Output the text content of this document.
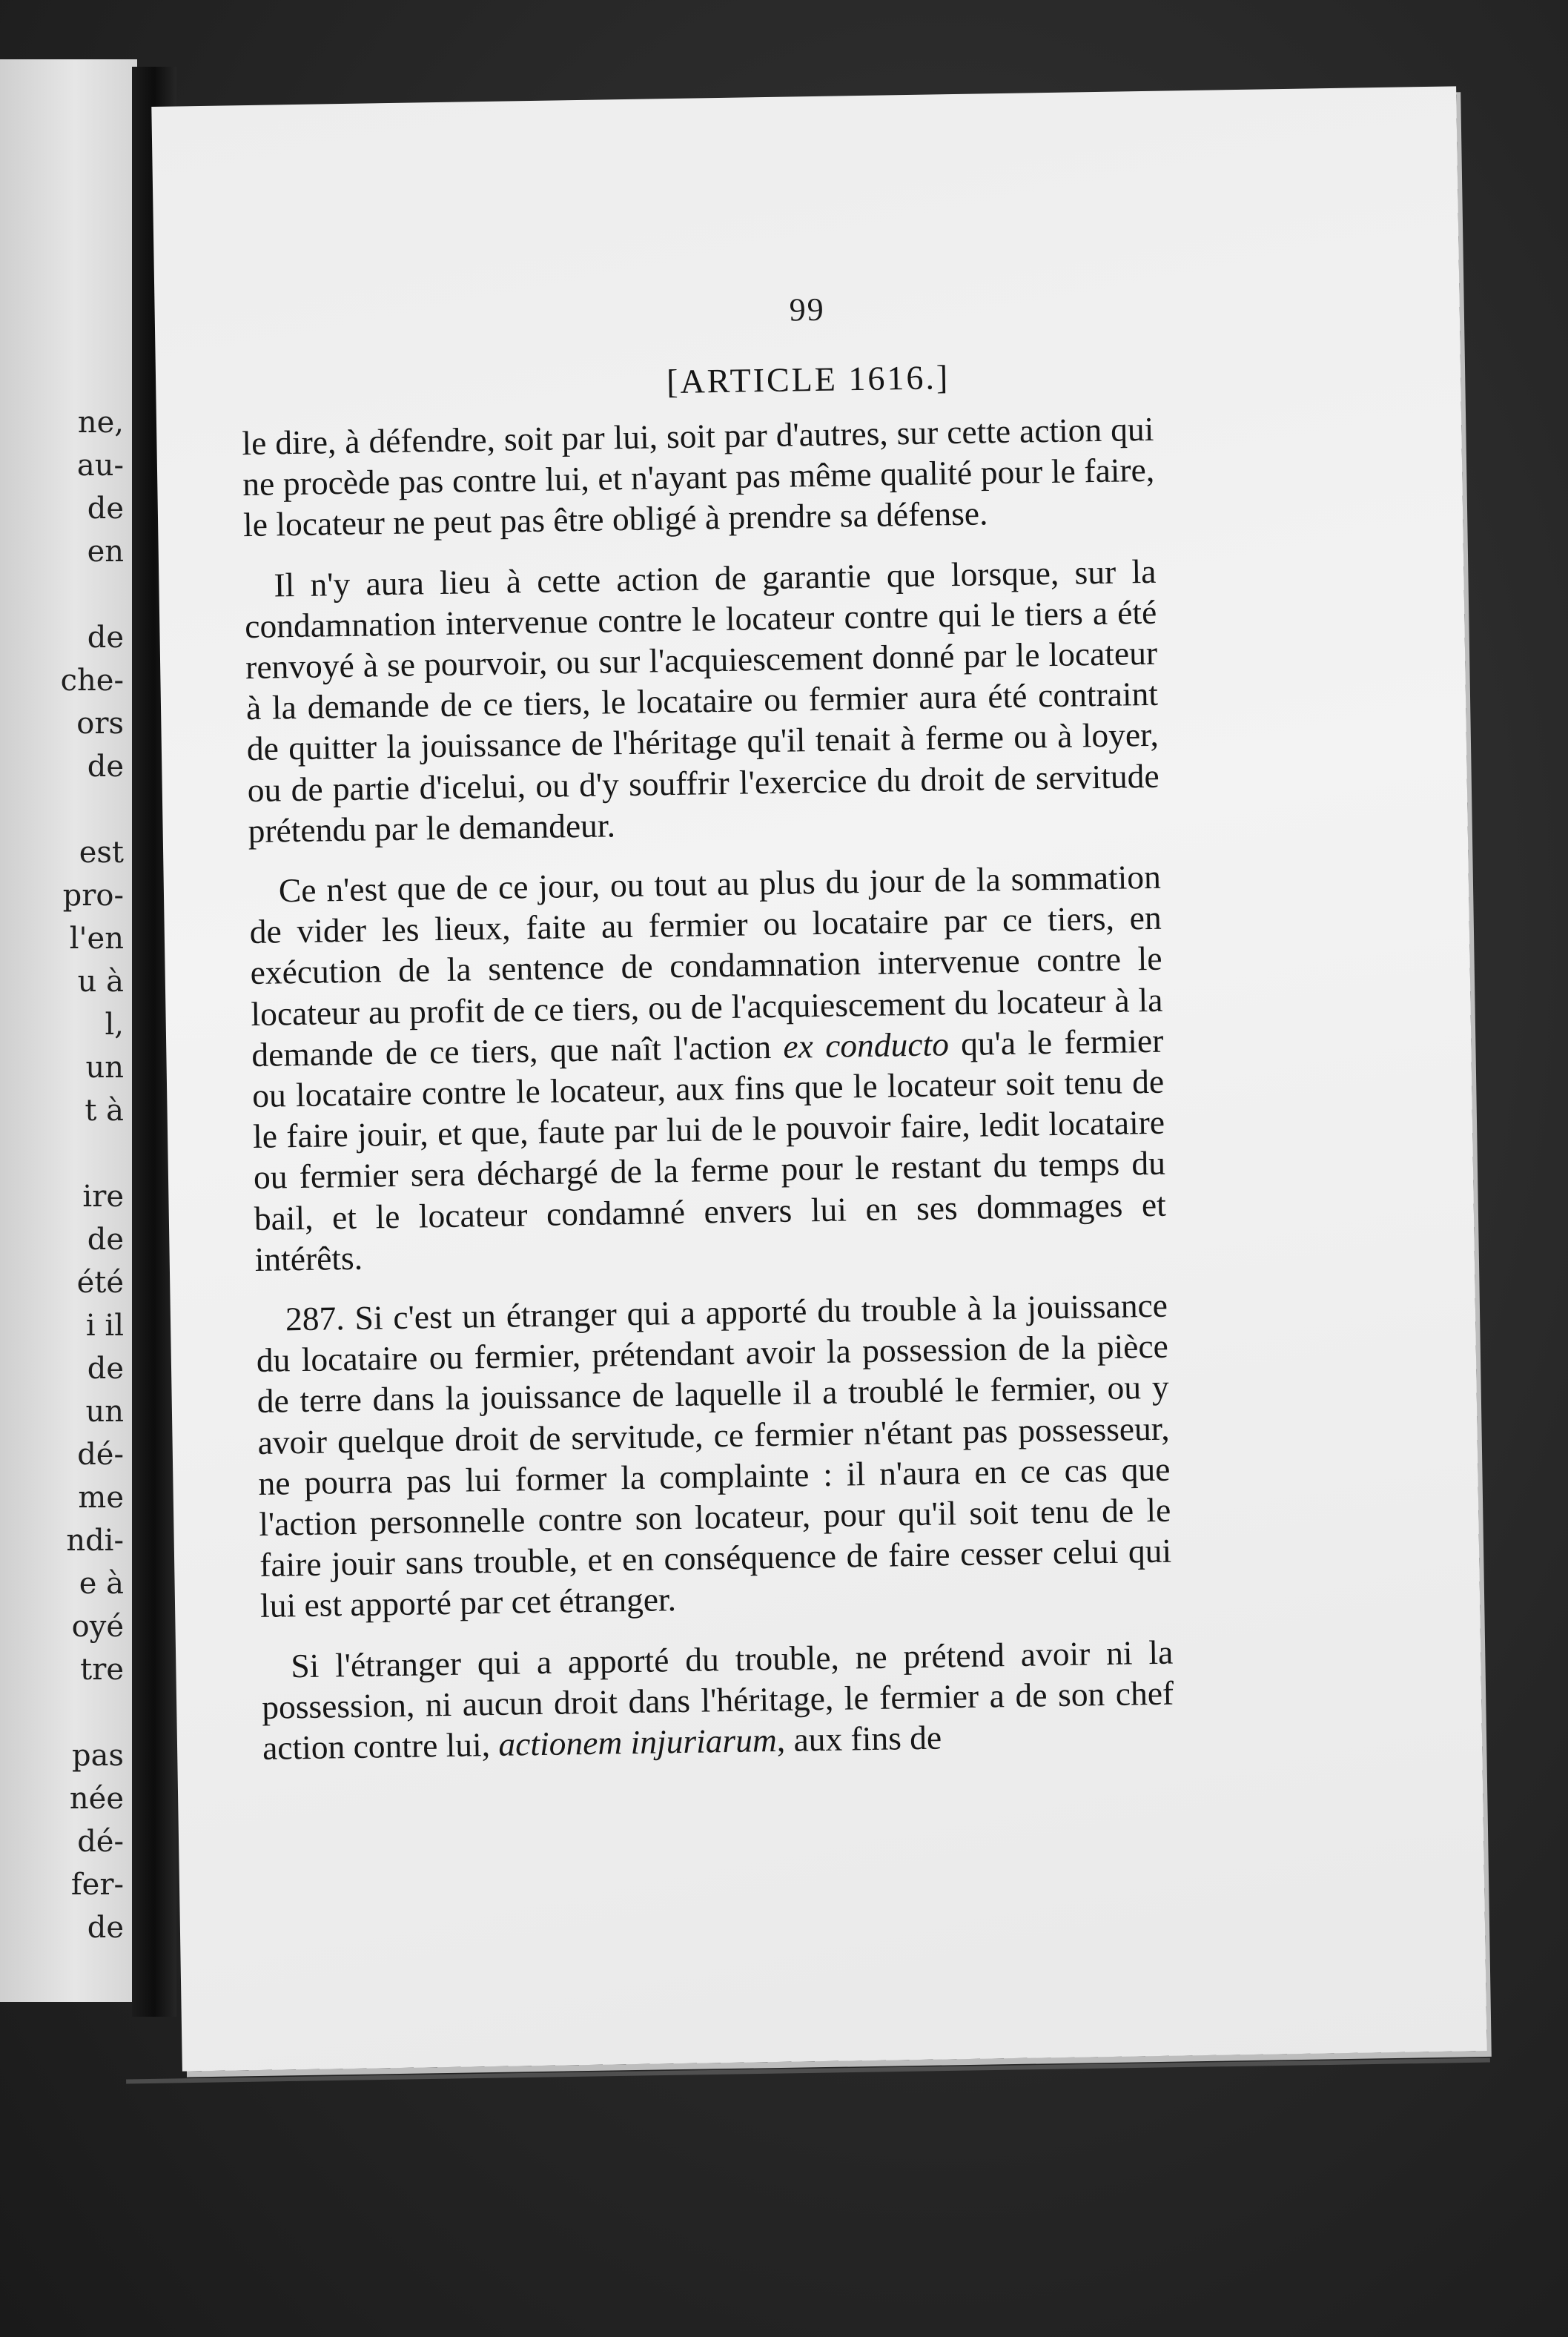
ne,
au-
de
en
de
che-
ors
de
est
pro-
l'en
u à
l,
un
t à
ire
de
été
i il
de
un
dé-
me
ndi-
e à
oyé
tre
pas
née
dé-
fer-
de
99
[ARTICLE 1616.]

le dire, à défendre, soit par lui, soit par d'autres, sur cette action qui ne procède pas contre lui, et n'ayant pas même qualité pour le faire, le locateur ne peut pas être obligé à prendre sa défense.

Il n'y aura lieu à cette action de garantie que lorsque, sur la condamnation intervenue contre le locateur contre qui le tiers a été renvoyé à se pourvoir, ou sur l'acquiescement donné par le locateur à la demande de ce tiers, le locataire ou fermier aura été contraint de quitter la jouissance de l'héritage qu'il tenait à ferme ou à loyer, ou de partie d'icelui, ou d'y souffrir l'exercice du droit de servitude prétendu par le demandeur.

Ce n'est que de ce jour, ou tout au plus du jour de la sommation de vider les lieux, faite au fermier ou locataire par ce tiers, en exécution de la sentence de condamnation intervenue contre le locateur au profit de ce tiers, ou de l'acquiescement du locateur à la demande de ce tiers, que naît l'action ex conducto qu'a le fermier ou locataire contre le locateur, aux fins que le locateur soit tenu de le faire jouir, et que, faute par lui de le pouvoir faire, ledit locataire ou fermier sera déchargé de la ferme pour le restant du temps du bail, et le locateur condamné envers lui en ses dommages et intérêts.

287. Si c'est un étranger qui a apporté du trouble à la jouissance du locataire ou fermier, prétendant avoir la possession de la pièce de terre dans la jouissance de laquelle il a troublé le fermier, ou y avoir quelque droit de servitude, ce fermier n'étant pas possesseur, ne pourra pas lui former la complainte : il n'aura en ce cas que l'action personnelle contre son locateur, pour qu'il soit tenu de le faire jouir sans trouble, et en conséquence de faire cesser celui qui lui est apporté par cet étranger.

Si l'étranger qui a apporté du trouble, ne prétend avoir ni la possession, ni aucun droit dans l'héritage, le fermier a de son chef action contre lui, actionem injuriarum, aux fins de
